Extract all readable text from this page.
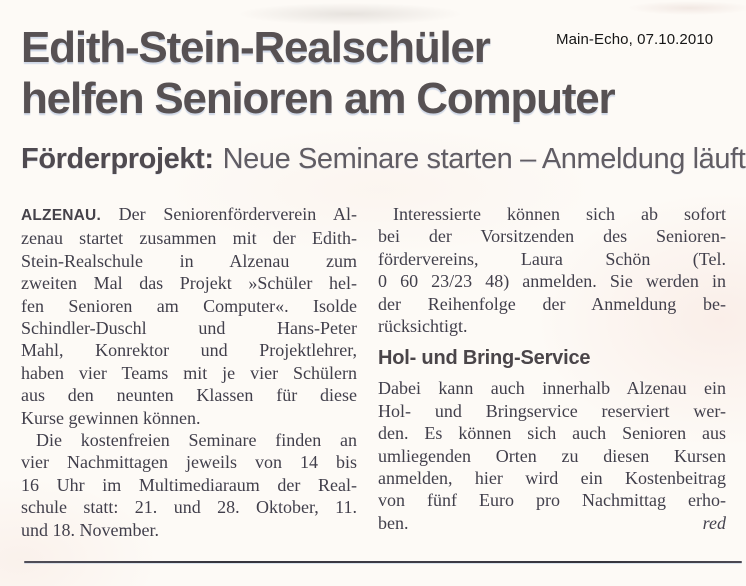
Main-Echo, 07.10.2010
Edith-Stein-Realschüler
helfen Senioren am Computer
Förderprojekt: Neue Seminare starten – Anmeldung läuft

ALZENAU. Der Seniorenförderverein Al-
zenau startet zusammen mit der Edith-
Stein-Realschule in Alzenau zum
zweiten Mal das Projekt »Schüler hel-
fen Senioren am Computer«. Isolde
Schindler-Duschl und Hans-Peter
Mahl, Konrektor und Projektlehrer,
haben vier Teams mit je vier Schülern
aus den neunten Klassen für diese
Kurse gewinnen können.

Die kostenfreien Seminare finden an
vier Nachmittagen jeweils von 14 bis
16 Uhr im Multimediaraum der Real-
schule statt: 21. und 28. Oktober, 11.
und 18. November.

Interessierte können sich ab sofort
bei der Vorsitzenden des Senioren-
fördervereins, Laura Schön (Tel.
0 60 23/23 48) anmelden. Sie werden in
der Reihenfolge der Anmeldung be-
rücksichtigt.

Hol- und Bring-Service

Dabei kann auch innerhalb Alzenau ein
Hol- und Bringservice reserviert wer-
den. Es können sich auch Senioren aus
umliegenden Orten zu diesen Kursen
anmelden, hier wird ein Kostenbeitrag
von fünf Euro pro Nachmittag erho-
ben.	red
